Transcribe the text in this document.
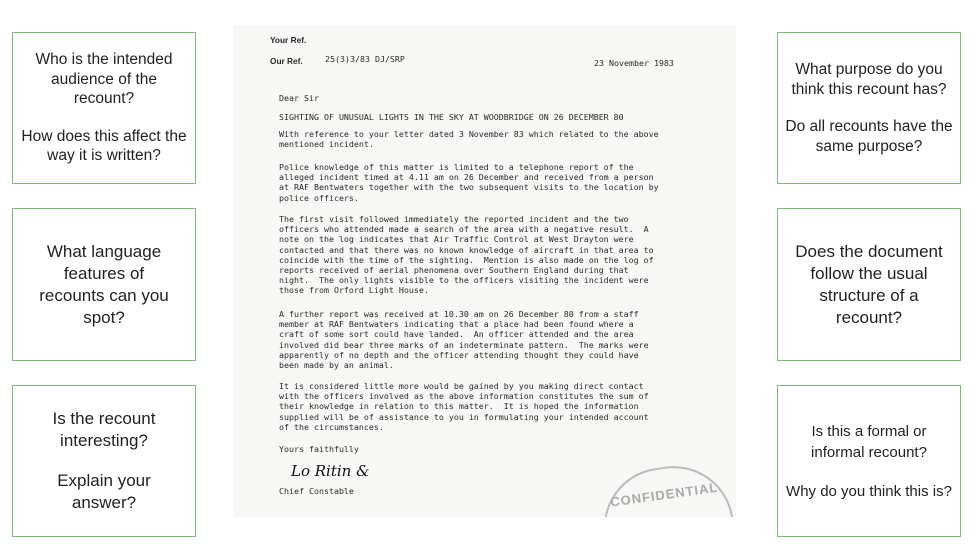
Who is the intended audience of the recount?

How does this affect the way it is written?

What language features of recounts can you spot?

Is the recount interesting?

Explain your answer?

What purpose do you think this recount has?

Do all recounts have the same purpose?

Does the document follow the usual structure of a recount?

Is this a formal or informal recount?

Why do you think this is?

Your Ref.
Our Ref.	25(3)3/83 DJ/SRP	23 November 1983
Dear Sir
SIGHTING OF UNUSUAL LIGHTS IN THE SKY AT WOODBRIDGE ON 26 DECEMBER 80
With reference to your letter dated 3 November 83 which related to the above
mentioned incident.
Police knowledge of this matter is limited to a telephone report of the
alleged incident timed at 4.11 am on 26 December and received from a person
at RAF Bentwaters together with the two subsequent visits to the location by
police officers.
The first visit followed immediately the reported incident and the two
officers who attended made a search of the area with a negative result.  A
note on the log indicates that Air Traffic Control at West Drayton were
contacted and that there was no known knowledge of aircraft in that area to
coincide with the time of the sighting.  Mention is also made on the log of
reports received of aerial phenomena over Southern England during that
night.  The only lights visible to the officers visiting the incident were
those from Orford Light House.
A further report was received at 10.30 am on 26 December 80 from a staff
member at RAF Bentwaters indicating that a place had been found where a
craft of some sort could have landed.  An officer attended and the area
involved did bear three marks of an indeterminate pattern.  The marks were
apparently of no depth and the officer attending thought they could have
been made by an animal.
It is considered little more would be gained by you making direct contact
with the officers involved as the above information constitutes the sum of
their knowledge in relation to this matter.  It is hoped the information
supplied will be of assistance to you in formulating your intended account
of the circumstances.
Yours faithfully
Lo Ritin &
Chief Constable	CONFIDENTIAL
